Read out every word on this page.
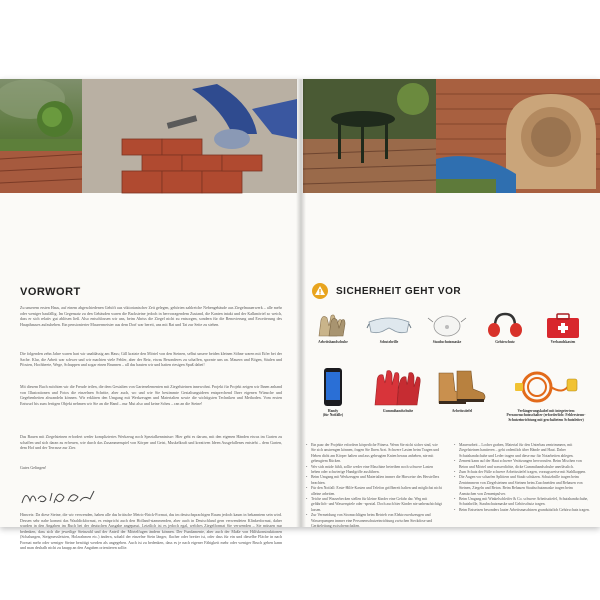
VORWORT

Zu unserem ersten Haus, auf einem abgeschiedenen Gehöft aus viktorianischer Zeit gelegen, gehörten zahlreiche Nebengebäude aus Ziegelmauerwerk – alle mehr oder weniger baufällig. Im Gegensatz zu den Gebäuden waren die Backsteine jedoch in hervorragendem Zustand, die Kanten intakt und der Kalkmörtel so weich, dass er sich relativ gut ablösen ließ. Also entschlossen wir uns, beim Abriss die Ziegel nicht zu entsorgen, sondern für die Renovierung und Erweiterung des Haupthauses aufzuheben. Ein pensionierter Maurermeister aus dem Dorf war bereit, uns mit Rat und Tat zur Seite zu stehen.

Die folgenden zehn Jahre waren hart wir unablässig am Haus; Gill kratzte den Mörtel von den Steinen, selbst unsere beiden kleinen Söhne waren mit Eifer bei der Sache. Klar, die Arbeit war schwer und wir machten viele Fehler, aber der Reiz, etwas Besonderes zu schaffen, spornte uns an. Mauern und Bögen, Säulen und Pfosten, Hochbeete, Wege, Schuppen und sogar einen Brunnen – all das bauten wir und hatten riesigen Spaß dabei!

Mit diesem Buch möchten wir die Freude teilen, die dem Gestalten von Gartenelementen mit Ziegelsteinen innewohnt. Projekt für Projekt zeigen wir Ihnen anhand von Illustrationen und Fotos die einzelnen Schritte, aber auch, wo und wie Sie bestimmte Gestaltungsideen entsprechend Ihrer eigenen Wünsche und Gegebenheiten abwandeln können. Wir erklären den Umgang mit Werkzeugen und Materialien sowie die wichtigsten Techniken und Methoden. Vom ersten Entwurf bis zum fertigen Objekt nehmen wir Sie an die Hand – nur Mut also und keine Scheu – ran an die Steine!

Das Bauen mit Ziegelsteinen erfordert weder kompliziertes Werkzeug noch Spezialkenntnisse: Hier geht es darum, mit den eigenen Händen etwas im Garten zu schaffen und sich daran zu erfreuen, wie durch das Zusammenspiel von Körper und Geist, Muskelkraft und kreativen Ideen Ausgefallenes entsteht – dem Garten, dem Hof und der Terrasse zur Zier.

Gutes Gelingen!

Alan & Gill

Hinweis: Da diese Steine, die wir verwenden, haben alle das britische Metric-Brick-Format, das im deutschsprachigen Raum jedoch kaum in bekanntem sein wird. Dessen sehr nahe kommt das Waaldickformat, es entspricht auch den Holland-stammenden, aber auch in Deutschland gern verwendeten Klinkerformat, daher wurden in den Angaben im Buch bei der deutschen Ausgabe angepasst. Letztlich ist es jedoch egal, welches Ziegelformat Sie verwenden – Sie müssen nur bedenken, dass sich die jeweilige Steinzahl und der Anteil der Mörtelfugen ändern können. Der Fundamente, aber auch der Maße von Hilfskonstruktionen (Schalungen, Steigmessleisten, Holzrahmen etc.) ändern, sobald der einzelne Stein länger, flacher oder breiter ist, oder dass für ein und dieselbe Fläche in nach Format mehr oder weniger Steine benötigt werden als angegeben. Auch ist zu bedenken, dass es je nach eigener Fähigkeit mehr oder weniger Bruch geben kann und man deshalb nicht zu knapp an den Angaben orientieren sollte.

SICHERHEIT GEHT VOR
Arbeitshandschuhe	Schutzbrille	Staubschutzmaske	Gehörschutz	Verbandskasten
Handy
(für Notfälle)
Gummihandschuhe	Arbeitsstiefel	Verlängerungskabel mit integriertem
Personenschutzschalter (erforderlich: Fehlerstrom-Schutzeinrichtung mit geschaltetem Schutzleiter)
• Ein paar der Projekte erfordern körperliche Fitness. Wenn Sie nicht sicher sind, wie Sie sich anstrengen können, fragen Sie Ihren Arzt. Schwere Lasten beim Tragen und Heben dicht am Körper halten und aus gebeugten Knien heraus anheben, nie mit gebeugtem Rücken.
• Wer sich müde fühlt, sollte weder eine Maschine betreiben noch schwere Lasten heben oder schwierige Handgriffe ausführen.
• Beim Umgang mit Werkzeugen und Materialien immer die Hinweise des Herstellers beachten.
• Für den Notfall: Erste-Hilfe-Kasten und Telefon griffbereit halten und möglichst nicht alleine arbeiten.
• Teiche und Wasserbecken stellen für kleine Kinder eine Gefahr dar. Weg mit gefährlich- und Wasserspiele oder -spezial. Doch auch hier Kinder nie unbeaufsichtigt lassen.
• Zur Vermeidung von Stromschlägen beim Betrieb von Elektrowerkzeugen und Wasserpumpen immer eine Personenschutzeinrichtung zwischen Steckdose und Geräteleitung zwischenschalten.
• Mauerarbeit – Locher graben, Material für den Unterbau zentrimmern, mit Ziegelsteinen hantieren – geht ordentlich über Hände und Haut. Daher Schutzhandschuhe und Leder tragen und diese nur für Notarbeiten ablegen.
• Zement kann auf der Haut schwere Verätzungen hervorrufen. Beim Mischen von Beton und Mörtel und wasserdichte, dicke Gummihandschuhe unerlässlich.
• Zum Schutz der Füße schwere Arbeitsstiefel tragen, vorzugsweise mit Stahlkappen.
• Die Augen vor scharfen Splittern und Staub schützen. Schutzbrille tragen beim Zentrimmern von Ziegelsteinen und Steinen beim Zuschneiden und Behauen von Steinen, Ziegeln und Beton. Beim Behauen Staubschutzmaske tragen beim Anmischen von Zementpulver.
• Beim Umgang mit Winkelschleifer & Co. schwere Arbeitsstiefel, Schutzhandschuhe, Schutzbrille, Staubschutzmaske und Gehörschutz tragen.
• Beim Entsetzen besonders lauter Arbeitsmaschinen grundsätzlich Gehörschutz tragen.
